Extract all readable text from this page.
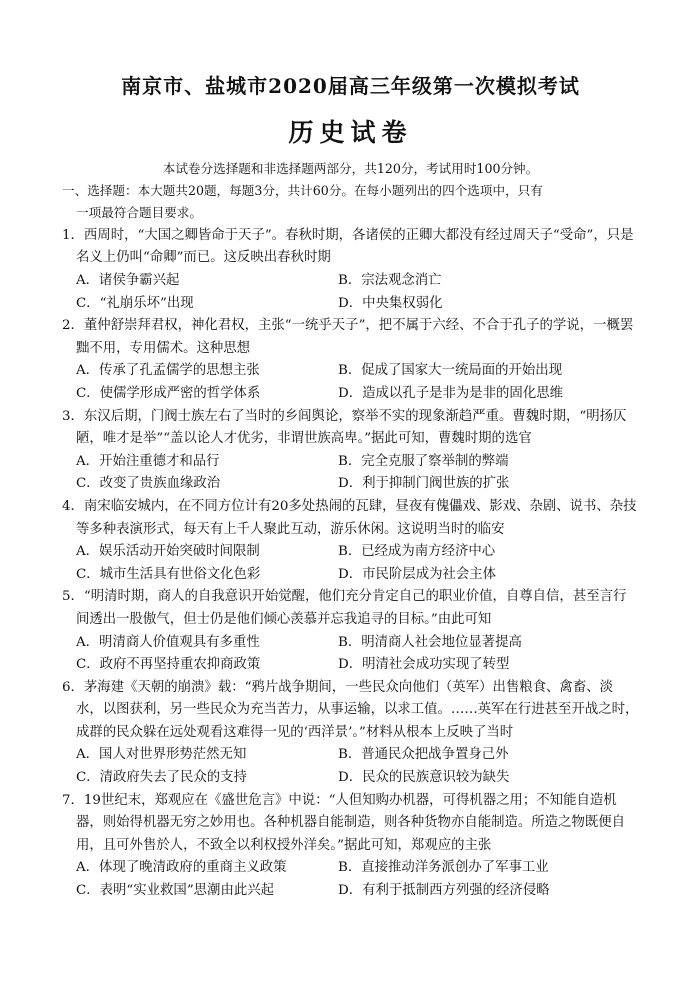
南京市、盐城市2020届高三年级第一次模拟考试
历史试卷

本试卷分选择题和非选择题两部分，共120分，考试用时100分钟。

一、选择题：本大题共20题，每题3分，共计60分。在每小题列出的四个选项中，只有
一项最符合题目要求。

1．西周时，“大国之卿皆命于天子”。春秋时期，各诸侯的正卿大都没有经过周天子“受命”，只是名义上仍叫“命卿”而已。这反映出春秋时期

A．诸侯争霸兴起	B．宗法观念消亡
C．“礼崩乐坏”出现	D．中央集权弱化

2．董仲舒崇拜君权，神化君权，主张“一统乎天子”，把不属于六经、不合于孔子的学说，一概罢黜不用，专用儒术。这种思想

A．传承了孔孟儒学的思想主张	B．促成了国家大一统局面的开始出现
C．使儒学形成严密的哲学体系	D．造成以孔子是非为是非的固化思维

3．东汉后期，门阀士族左右了当时的乡闾舆论，察举不实的现象渐趋严重。曹魏时期，“明扬仄陋，唯才是举”“盖以论人才优劣，非谓世族高卑。”据此可知，曹魏时期的选官

A．开始注重德才和品行	B．完全克服了察举制的弊端
C．改变了贵族血缘政治	D．利于抑制门阀世族的扩张

4．南宋临安城内，在不同方位计有20多处热闹的瓦肆，昼夜有傀儡戏、影戏、杂剧、说书、杂技等多种表演形式，每天有上千人聚此互动，游乐休闲。这说明当时的临安

A．娱乐活动开始突破时间限制	B．已经成为南方经济中心
C．城市生活具有世俗文化色彩	D．市民阶层成为社会主体

5．“明清时期，商人的自我意识开始觉醒，他们充分肯定自己的职业价值，自尊自信，甚至言行间透出一股傲气，但士仍是他们倾心羡慕并忘我追寻的目标。”由此可知

A．明清商人价值观具有多重性	B．明清商人社会地位显著提高
C．政府不再坚持重农抑商政策	D．明清社会成功实现了转型

6．茅海建《天朝的崩溃》载：“鸦片战争期间，一些民众向他们（英军）出售粮食、禽畜、淡水，以图获利，另一些民众为充当苦力，从事运输，以求工值。……英军在行进甚至开战之时，成群的民众躲在远处观看这难得一见的‘西洋景’。”材料从根本上反映了当时

A．国人对世界形势茫然无知	B．普通民众把战争置身己外
C．清政府失去了民众的支持	D．民众的民族意识较为缺失

7．19世纪末，郑观应在《盛世危言》中说：“人但知购办机器，可得机器之用；不知能自造机器，则始得机器无穷之妙用也。各种机器自能制造，则各种货物亦自能制造。所造之物既便自用，且可外售於人，不致全以利权授外洋矣。”据此可知，郑观应的主张

A．体现了晚清政府的重商主义政策	B．直接推动洋务派创办了军事工业
C．表明“实业救国”思潮由此兴起	D．有利于抵制西方列强的经济侵略
